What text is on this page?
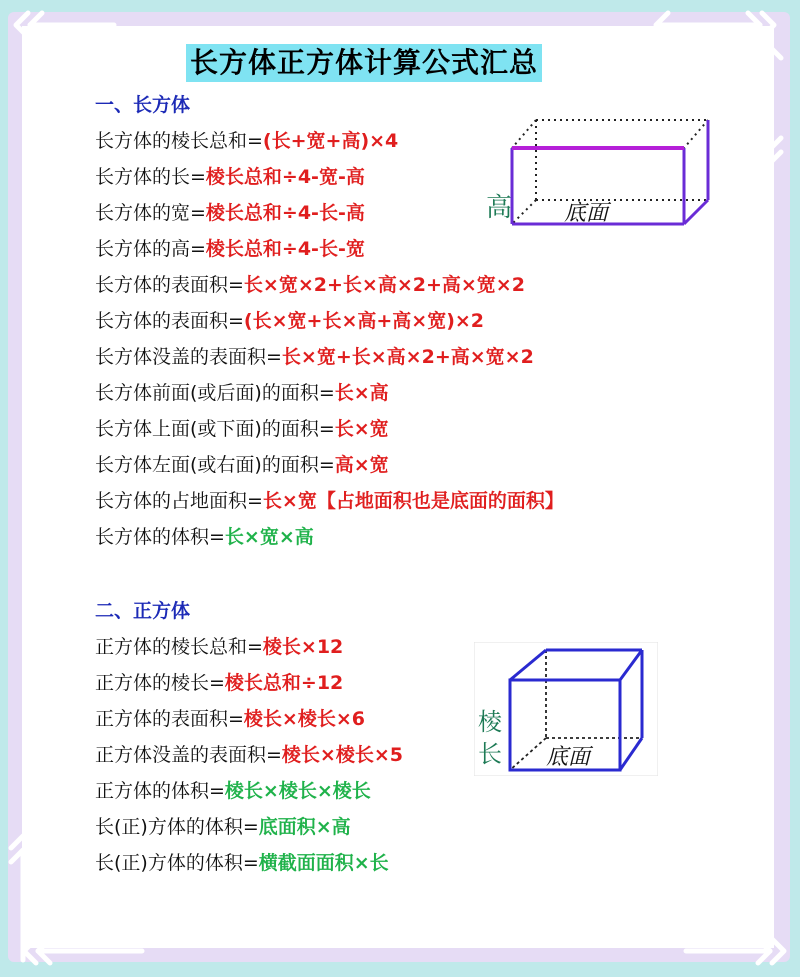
长方体正方体计算公式汇总
一、长方体
长方体的棱长总和=(长+宽+高)×4
长方体的长=棱长总和÷4-宽-高
长方体的宽=棱长总和÷4-长-高
长方体的高=棱长总和÷4-长-宽
长方体的表面积=长×宽×2+长×高×2+高×宽×2
长方体的表面积=(长×宽+长×高+高×宽)×2
长方体没盖的表面积=长×宽+长×高×2+高×宽×2
长方体前面(或后面)的面积=长×高
长方体上面(或下面)的面积=长×宽
长方体左面(或右面)的面积=高×宽
长方体的占地面积=长×宽【占地面积也是底面的面积】
长方体的体积=长×宽×高
二、正方体
正方体的棱长总和=棱长×12
正方体的棱长=棱长总和÷12
正方体的表面积=棱长×棱长×6
正方体没盖的表面积=棱长×棱长×5
正方体的体积=棱长×棱长×棱长
长(正)方体的体积=底面积×高
长(正)方体的体积=横截面面积×长
高 底面
棱
长 底面
